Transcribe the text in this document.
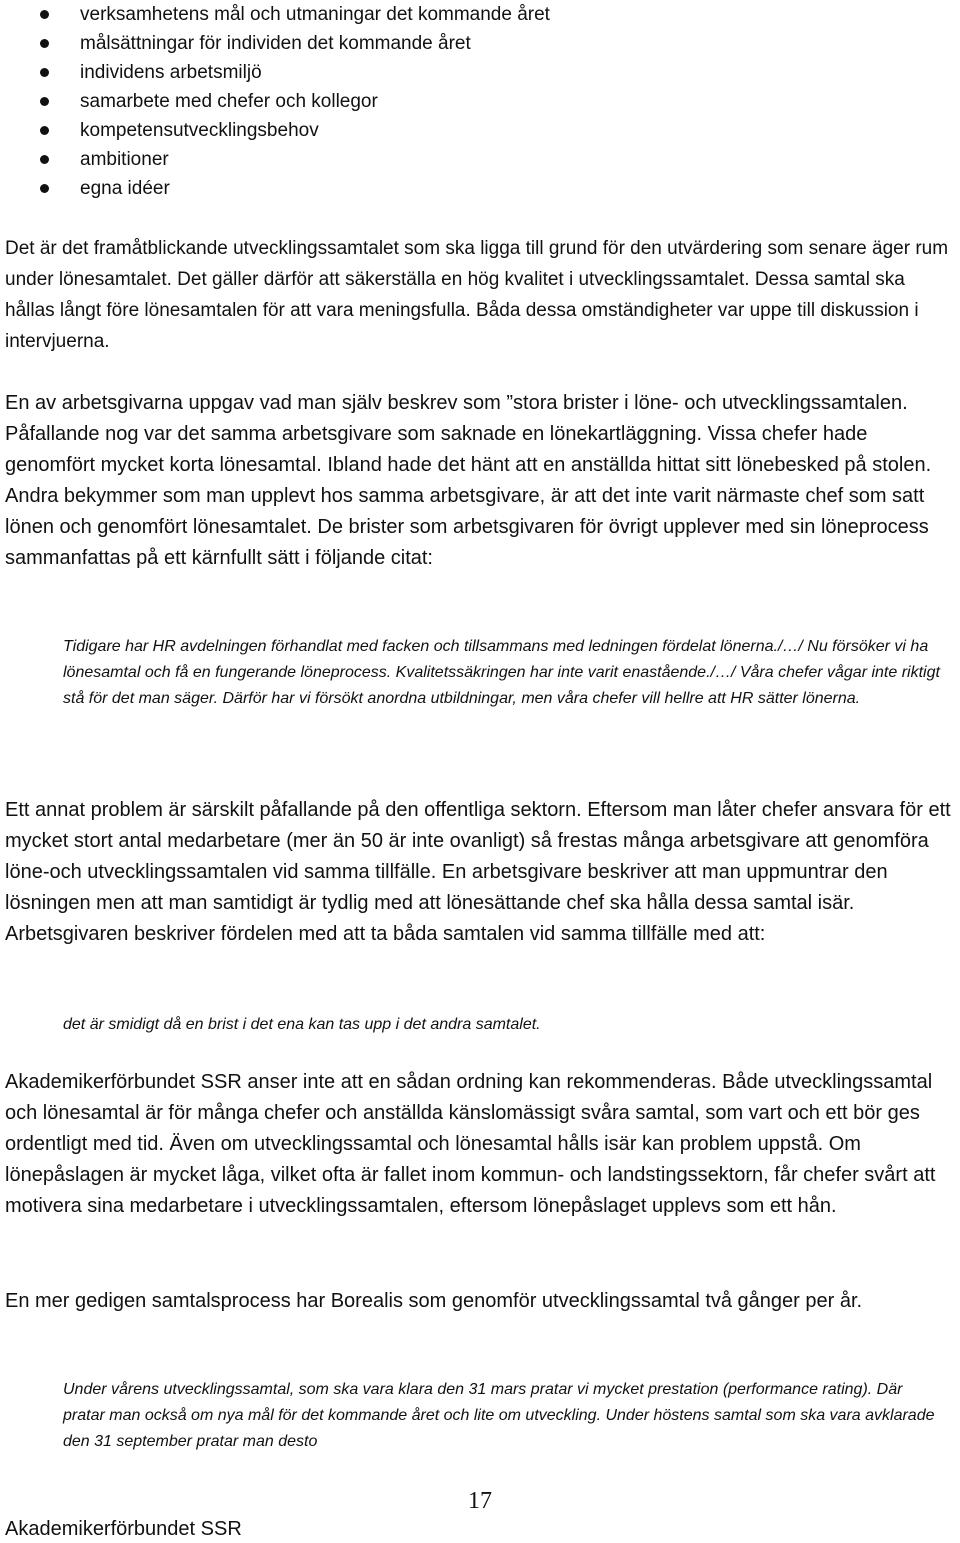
verksamhetens mål och utmaningar det kommande året
målsättningar för individen det kommande året
individens arbetsmiljö
samarbete med chefer och kollegor
kompetensutvecklingsbehov
ambitioner
egna idéer

Det är det framåtblickande utvecklingssamtalet som ska ligga till grund för den utvärdering som senare äger rum under lönesamtalet. Det gäller därför att säkerställa en hög kvalitet i utvecklingssamtalet. Dessa samtal ska hållas långt före lönesamtalen för att vara meningsfulla. Båda dessa omständigheter var uppe till diskussion i intervjuerna.

En av arbetsgivarna uppgav vad man själv beskrev som ”stora brister i löne- och utvecklingssamtalen. Påfallande nog var det samma arbetsgivare som saknade en lönekartläggning. Vissa chefer hade genomfört mycket korta lönesamtal. Ibland hade det hänt att en anställda hittat sitt lönebesked på stolen. Andra bekymmer som man upplevt hos samma arbetsgivare, är att det inte varit närmaste chef som satt lönen och genomfört lönesamtalet. De brister som arbetsgivaren för övrigt upplever med sin löneprocess sammanfattas på ett kärnfullt sätt i följande citat:

Tidigare har HR avdelningen förhandlat med facken och tillsammans med ledningen fördelat lönerna./…/ Nu försöker vi ha lönesamtal och få en fungerande löneprocess. Kvalitetssäkringen har inte varit enastående./…/ Våra chefer vågar inte riktigt stå för det man säger. Därför har vi försökt anordna utbildningar, men våra chefer vill hellre att HR sätter lönerna.

Ett annat problem är särskilt påfallande på den offentliga sektorn. Eftersom man låter chefer ansvara för ett mycket stort antal medarbetare (mer än 50 är inte ovanligt) så frestas många arbetsgivare att genomföra löne-och utvecklingssamtalen vid samma tillfälle. En arbetsgivare beskriver att man uppmuntrar den lösningen men att man samtidigt är tydlig med att lönesättande chef ska hålla dessa samtal isär. Arbetsgivaren beskriver fördelen med att ta båda samtalen vid samma tillfälle med att:

det är smidigt då en brist i det ena kan tas upp i det andra samtalet.

Akademikerförbundet SSR anser inte att en sådan ordning kan rekommenderas. Både utvecklingssamtal och lönesamtal är för många chefer och anställda känslomässigt svåra samtal, som vart och ett bör ges ordentligt med tid. Även om utvecklingssamtal och lönesamtal hålls isär kan problem uppstå. Om lönepåslagen är mycket låga, vilket ofta är fallet inom kommun- och landstingssektorn, får chefer svårt att motivera sina medarbetare i utvecklingssamtalen, eftersom lönepåslaget upplevs som ett hån.

En mer gedigen samtalsprocess har Borealis som genomför utvecklingssamtal två gånger per år.

Under vårens utvecklingssamtal, som ska vara klara den 31 mars pratar vi mycket prestation (performance rating). Där pratar man också om nya mål för det kommande året och lite om utveckling. Under höstens samtal som ska vara avklarade den 31 september pratar man desto

17
Akademikerförbundet SSR
